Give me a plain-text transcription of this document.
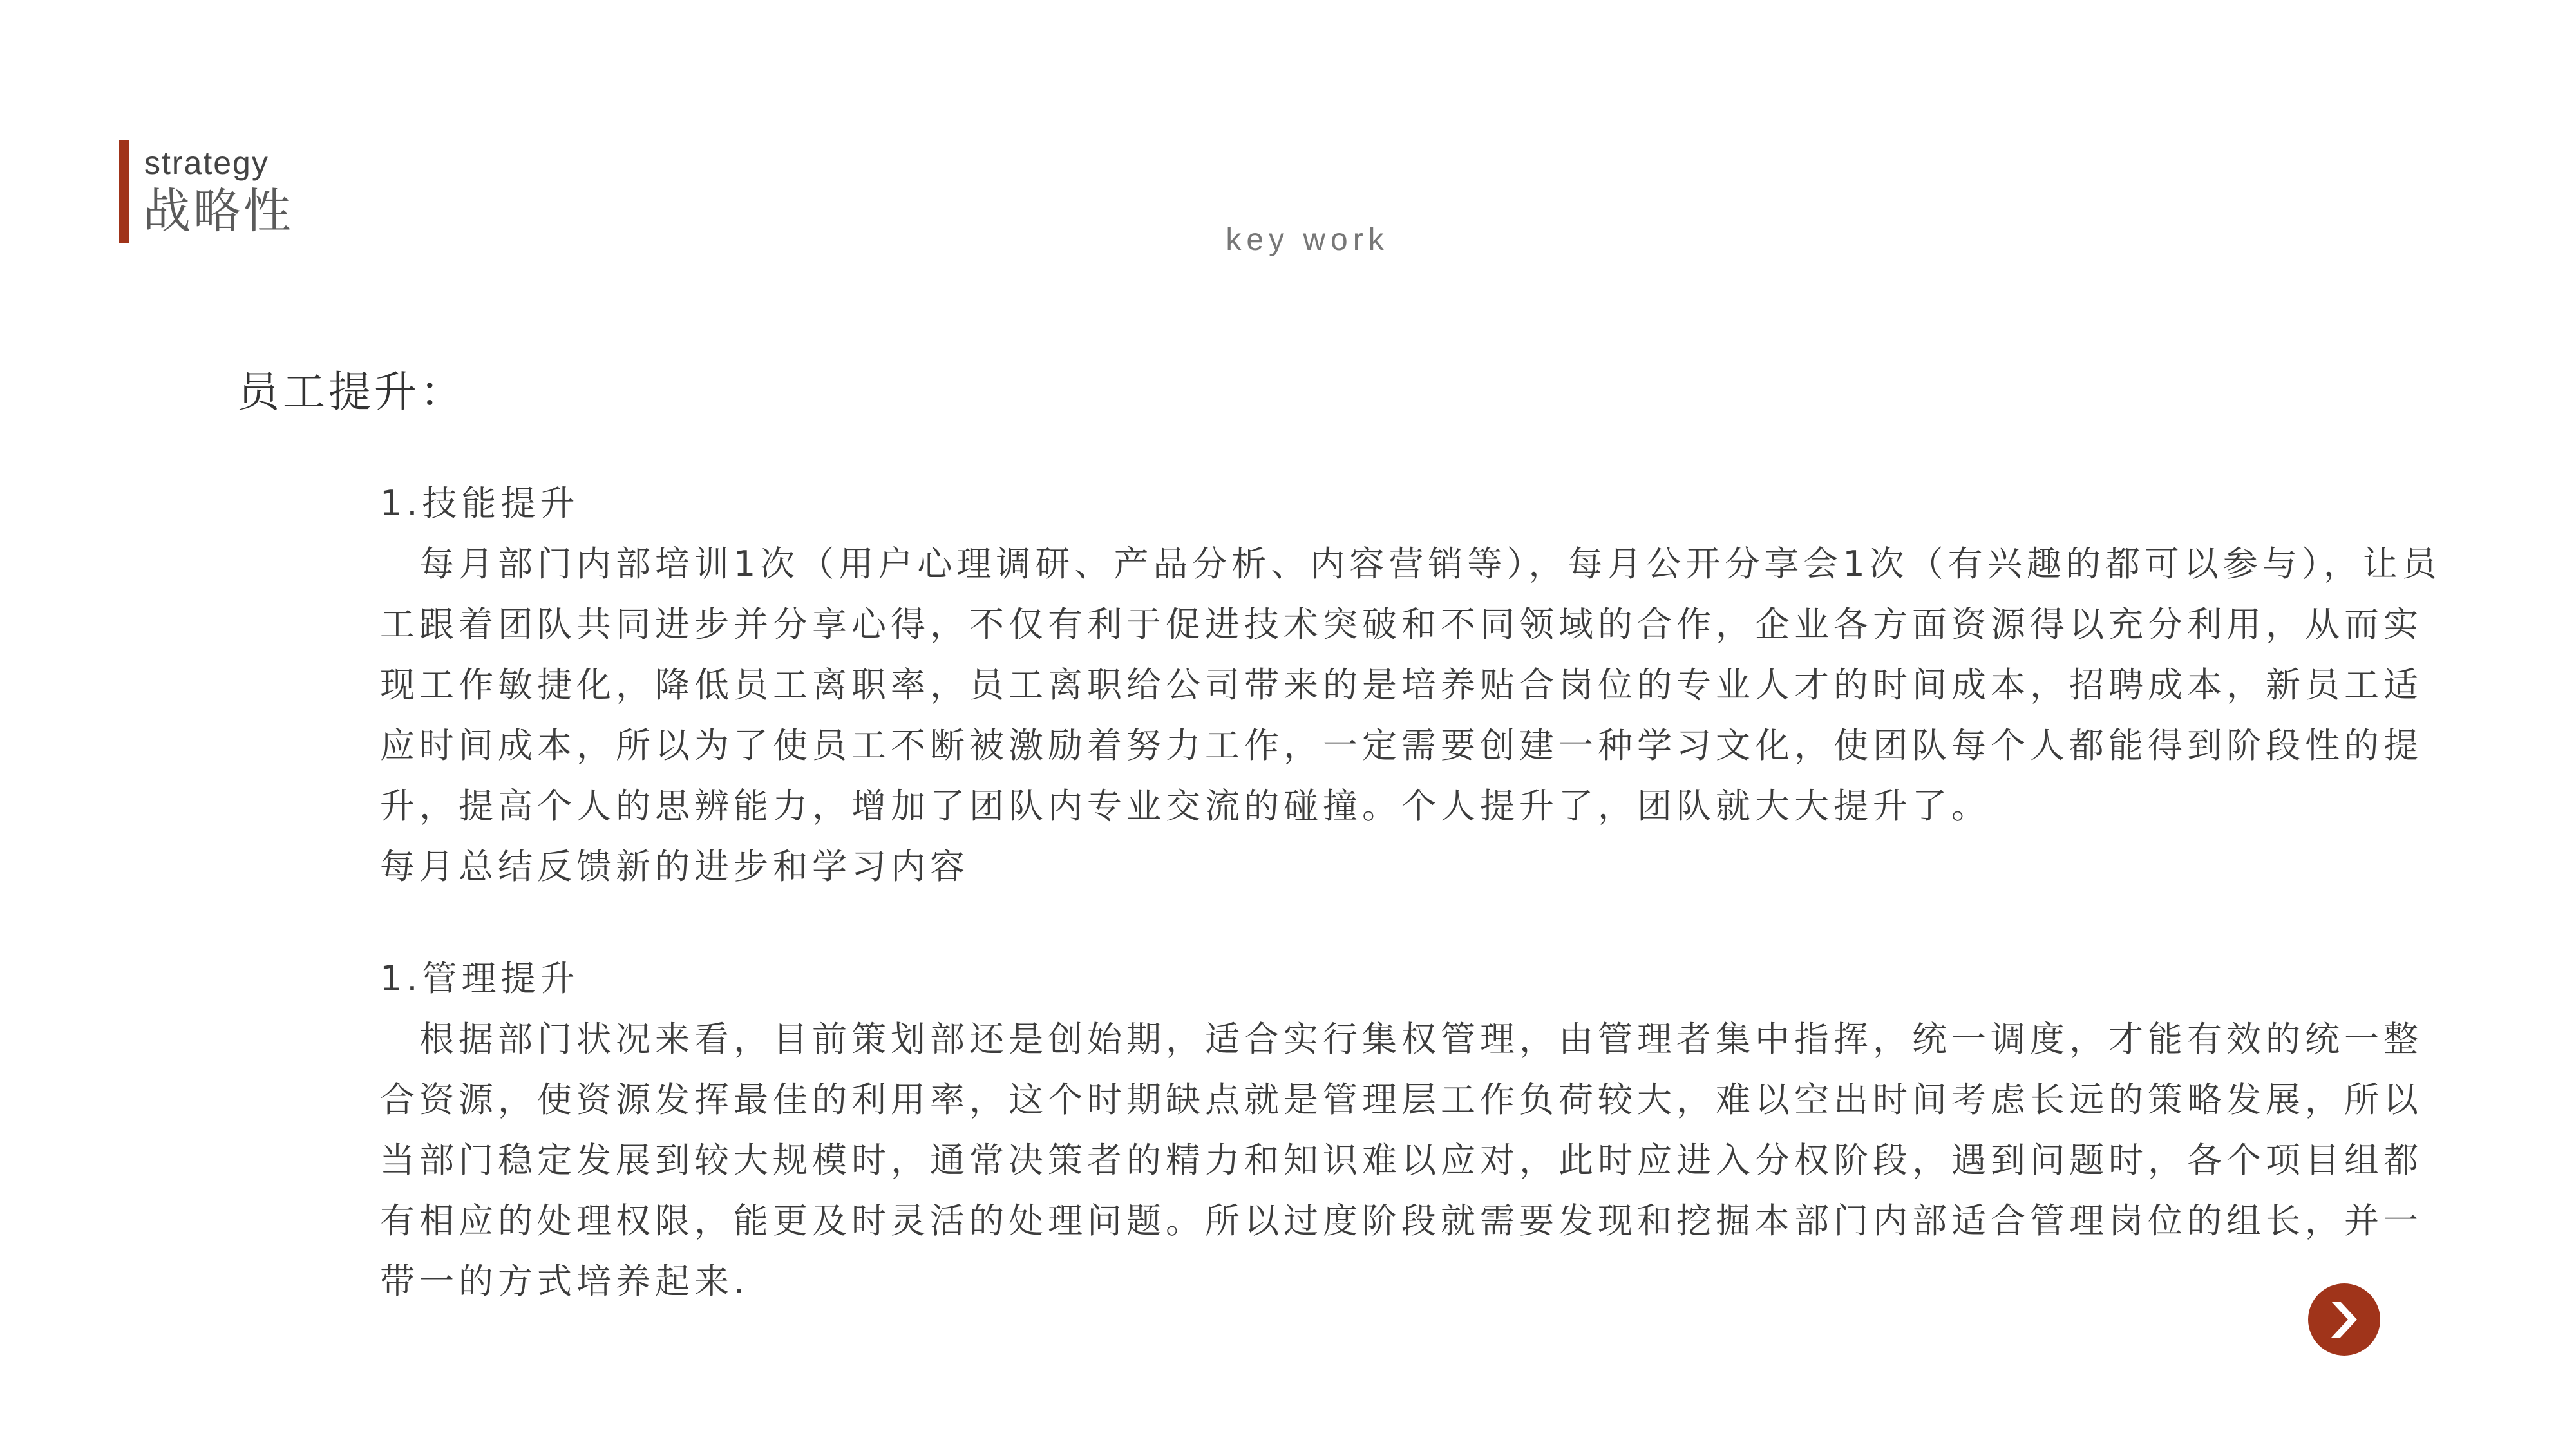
strategy
战略性
key work
员工提升：
1.技能提升

　每月部门内部培训1次（用户心理调研、产品分析、内容营销等），每月公开分享会1次（有兴趣的都可以参与），让员工跟着团队共同进步并分享心得，不仅有利于促进技术突破和不同领域的合作，企业各方面资源得以充分利用，从而实现工作敏捷化，降低员工离职率，员工离职给公司带来的是培养贴合岗位的专业人才的时间成本，招聘成本，新员工适应时间成本，所以为了使员工不断被激励着努力工作，一定需要创建一种学习文化，使团队每个人都能得到阶段性的提升，提高个人的思辨能力，增加了团队内专业交流的碰撞。个人提升了，团队就大大提升了。

每月总结反馈新的进步和学习内容
1.管理提升

　根据部门状况来看，目前策划部还是创始期，适合实行集权管理，由管理者集中指挥，统一调度，才能有效的统一整合资源，使资源发挥最佳的利用率，这个时期缺点就是管理层工作负荷较大，难以空出时间考虑长远的策略发展，所以当部门稳定发展到较大规模时，通常决策者的精力和知识难以应对，此时应进入分权阶段，遇到问题时，各个项目组都有相应的处理权限，能更及时灵活的处理问题。所以过度阶段就需要发现和挖掘本部门内部适合管理岗位的组长，并一带一的方式培养起来.
